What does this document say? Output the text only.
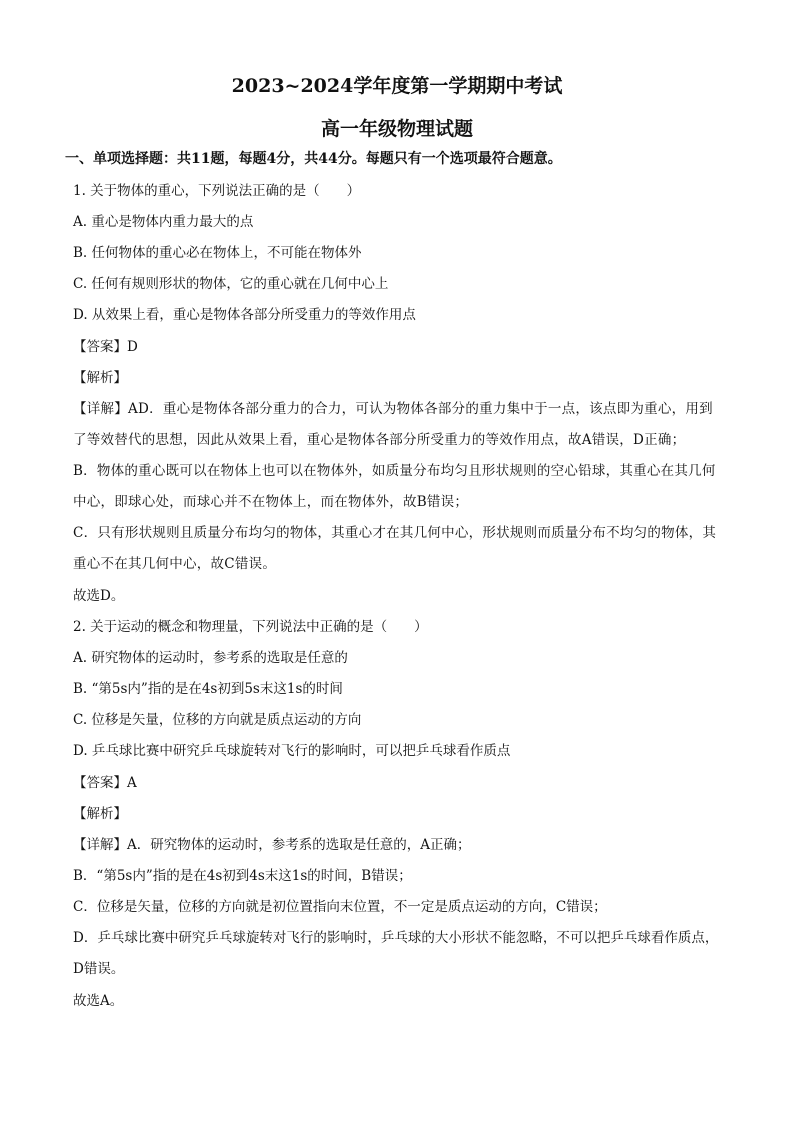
2023~2024学年度第一学期期中考试
高一年级物理试题
一、单项选择题：共11题，每题4分，共44分。每题只有一个选项最符合题意。
1. 关于物体的重心，下列说法正确的是（　　）
A. 重心是物体内重力最大的点
B. 任何物体的重心必在物体上，不可能在物体外
C. 任何有规则形状的物体，它的重心就在几何中心上
D. 从效果上看，重心是物体各部分所受重力的等效作用点
【答案】D
【解析】
【详解】AD．重心是物体各部分重力的合力，可认为物体各部分的重力集中于一点，该点即为重心，用到
了等效替代的思想，因此从效果上看，重心是物体各部分所受重力的等效作用点，故A错误，D正确；
B．物体的重心既可以在物体上也可以在物体外，如质量分布均匀且形状规则的空心铅球，其重心在其几何
中心，即球心处，而球心并不在物体上，而在物体外，故B错误；
C．只有形状规则且质量分布均匀的物体，其重心才在其几何中心，形状规则而质量分布不均匀的物体，其
重心不在其几何中心，故C错误。
故选D。
2. 关于运动的概念和物理量，下列说法中正确的是（　　）
A. 研究物体的运动时，参考系的选取是任意的
B. “第5s内”指的是在4s初到5s末这1s的时间
C. 位移是矢量，位移的方向就是质点运动的方向
D. 乒乓球比赛中研究乒乓球旋转对飞行的影响时，可以把乒乓球看作质点
【答案】A
【解析】
【详解】A．研究物体的运动时，参考系的选取是任意的，A正确；
B．“第5s内”指的是在4s初到4s末这1s的时间，B错误；
C．位移是矢量，位移的方向就是初位置指向末位置，不一定是质点运动的方向，C错误；
D．乒乓球比赛中研究乒乓球旋转对飞行的影响时，乒乓球的大小形状不能忽略，不可以把乒乓球看作质点，
D错误。
故选A。
